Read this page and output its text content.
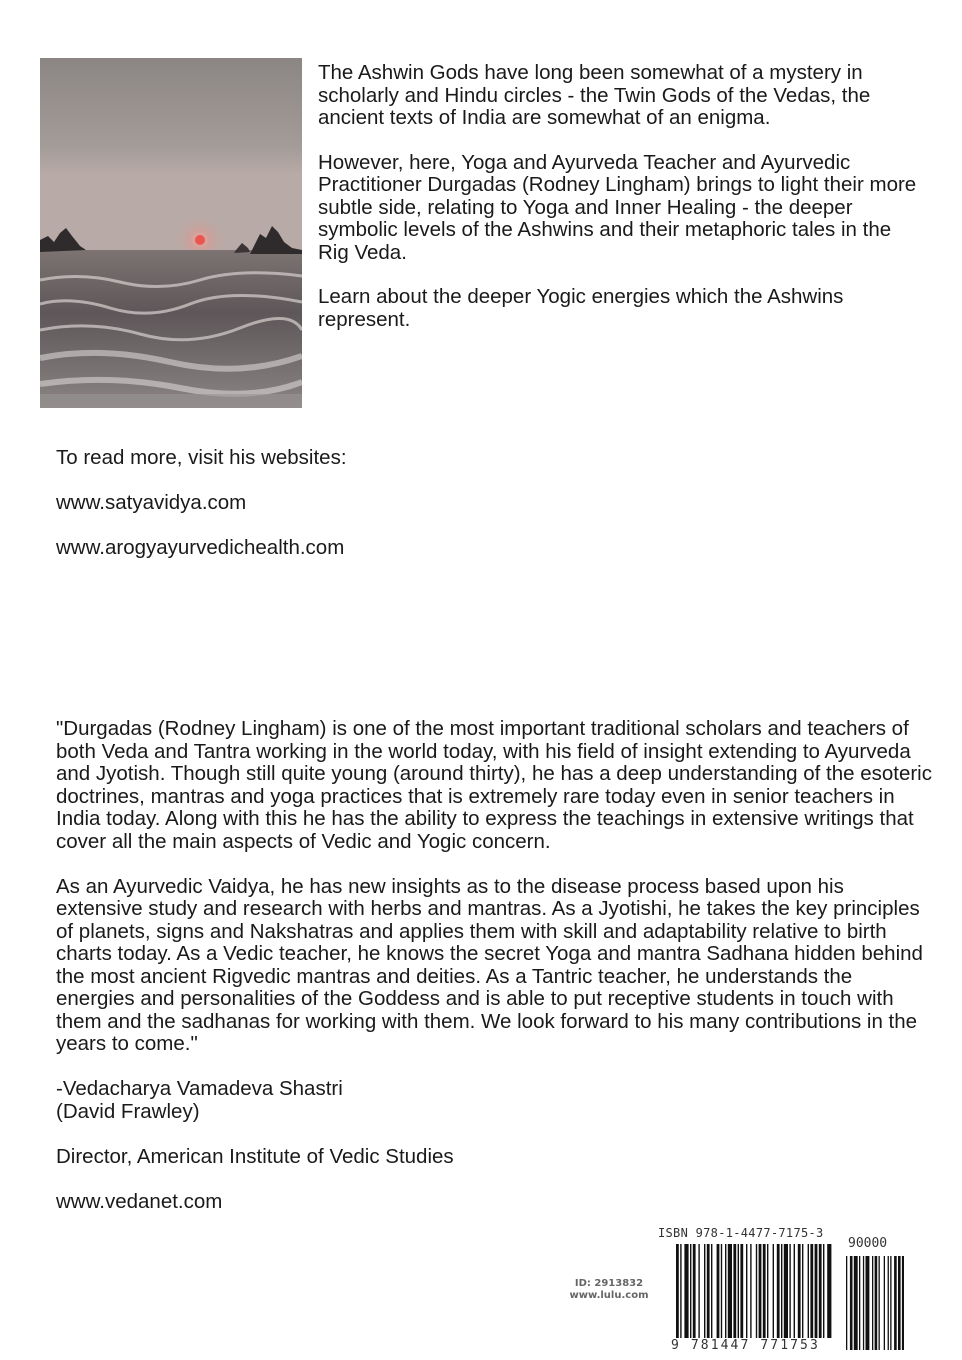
The Ashwin Gods have long been somewhat of a mystery in scholarly and Hindu circles - the Twin Gods of the Vedas, the ancient texts of India are somewhat of an enigma.

However, here, Yoga and Ayurveda Teacher and Ayurvedic Practitioner Durgadas (Rodney Lingham) brings to light their more subtle side, relating to Yoga and Inner Healing - the deeper symbolic levels of the Ashwins and their metaphoric tales in the Rig Veda.

Learn about the deeper Yogic energies which the Ashwins represent.

To read more, visit his websites:

www.satyavidya.com

www.arogyayurvedichealth.com

"Durgadas (Rodney Lingham) is one of the most important traditional scholars and teachers of both Veda and Tantra working in the world today, with his field of insight extending to Ayurveda and Jyotish. Though still quite young (around thirty), he has a deep understanding of the esoteric doctrines, mantras and yoga practices that is extremely rare today even in senior teachers in India today. Along with this he has the ability to express the teachings in extensive writings that cover all the main aspects of Vedic and Yogic concern.

As an Ayurvedic Vaidya, he has new insights as to the disease process based upon his extensive study and research with herbs and mantras. As a Jyotishi, he takes the key principles of planets, signs and Nakshatras and applies them with skill and adaptability relative to birth charts today. As a Vedic teacher, he knows the secret Yoga and mantra Sadhana hidden behind the most ancient Rigvedic mantras and deities. As a Tantric teacher, he understands the energies and personalities of the Goddess and is able to put receptive students in touch with them and the sadhanas for working with them. We look forward to his many contributions in the years to come."

-Vedacharya Vamadeva Shastri
(David Frawley)

Director, American Institute of Vedic Studies

www.vedanet.com

ID: 2913832
www.lulu.com
ISBN 978-1-4477-7175-3
90000
9 781447 771753
